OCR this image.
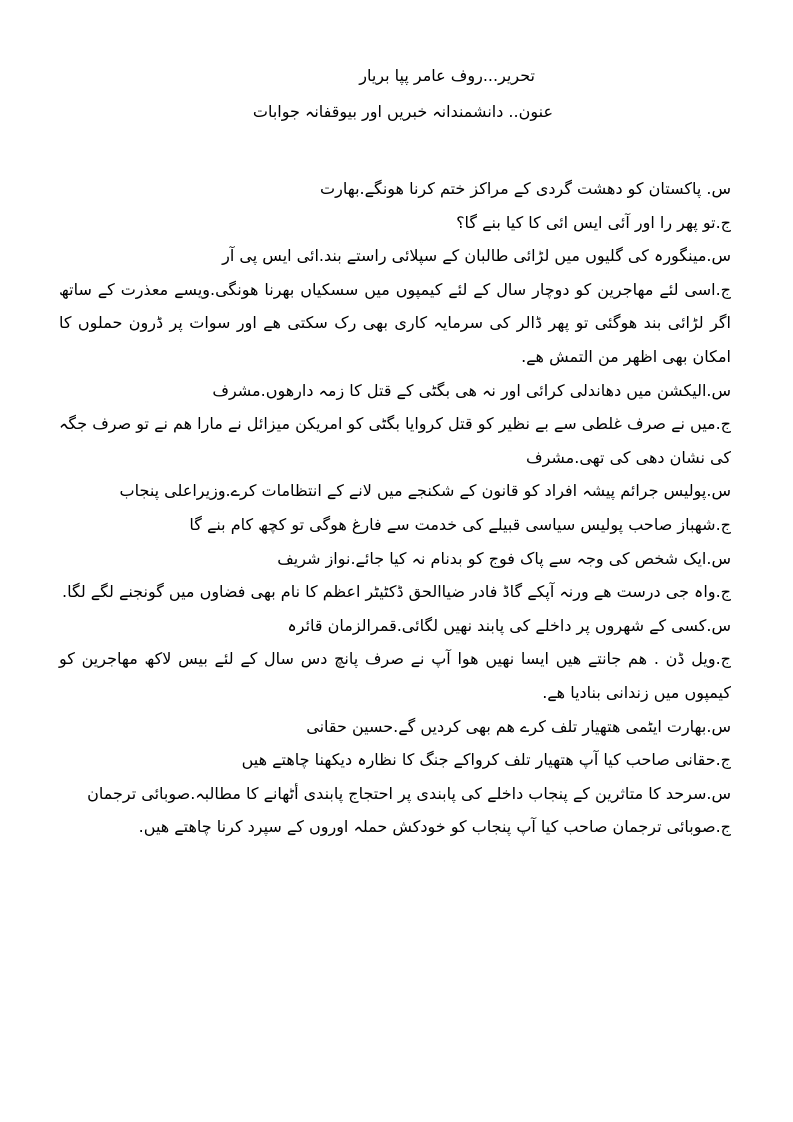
تحریر...روف عامر پپا بریار
عنون.. دانشمندانہ خبریں اور بیوقفانہ جوابات

س. پاکستان کو دهشت گردی کے مراکز ختم کرنا هونگے.بهارت

ج.تو پهر را اور آئی ایس ائی کا کیا بنے گا؟

س.مینگورہ کی گلیوں میں لڑائی طالبان کے سپلائی راستے بند.ائی ایس پی آر

ج.اسی لئے مهاجرین کو دوچار سال کے لئے کیمپوں میں سسکیاں بهرنا هونگی.ویسے معذرت کے ساتھ اگر لڑائی بند هوگئی تو پهر ڈالر کی سرمایہ کاری بهی رک سکتی هے اور سوات پر ڈرون حملوں کا امکان بهی اظهر من التمش هے.

س.الیکشن میں دهاندلی کرائی اور نہ هی بگٹی کے قتل کا زمہ دارهوں.مشرف

ج.میں نے صرف غلطی سے بے نظیر کو قتل کروایا بگٹی کو امریکن میزائل نے مارا هم نے تو صرف جگہ کی نشان دهی کی تهی.مشرف

س.پولیس جرائم پیشہ افراد کو قانون کے شکنجے میں لانے کے انتظامات کرے.وزیراعلی پنجاب

ج.شهباز صاحب پولیس سیاسی قبیلے کی خدمت سے فارغ هوگی تو کچھ کام بنے گا

س.ایک شخص کی وجہ سے پاک فوج کو بدنام نہ کیا جائے.نواز شریف

ج.واہ جی درست هے ورنہ آپکے گاڈ فادر ضیاالحق ڈکٹیٹر اعظم کا نام بهی فضاوں میں گونجنے لگے لگا.

س.کسی کے شهروں پر داخلے کی پابند نهیں لگائی.قمرالزمان قائرہ

ج.ویل ڈن . هم جانتے هیں ایسا نهیں هوا آپ نے صرف پانچ دس سال کے لئے بیس لاکھ مهاجرین کو کیمپوں میں زندانی بنادیا هے.

س.بهارت ایٹمی هتهیار تلف کرے هم بهی کردیں گے.حسین حقانی

ج.حقانی صاحب کیا آپ هتهیار تلف کرواکے جنگ کا نظارہ دیکهنا چاهتے هیں

س.سرحد کا متاثرین کے پنجاب داخلے کی پابندی پر احتجاج پابندی أٹهانے کا مطالبہ.صوبائی ترجمان

ج.صوبائی ترجمان صاحب کیا آپ پنجاب کو خودکش حملہ اوروں کے سپرد کرنا چاهتے هیں.
